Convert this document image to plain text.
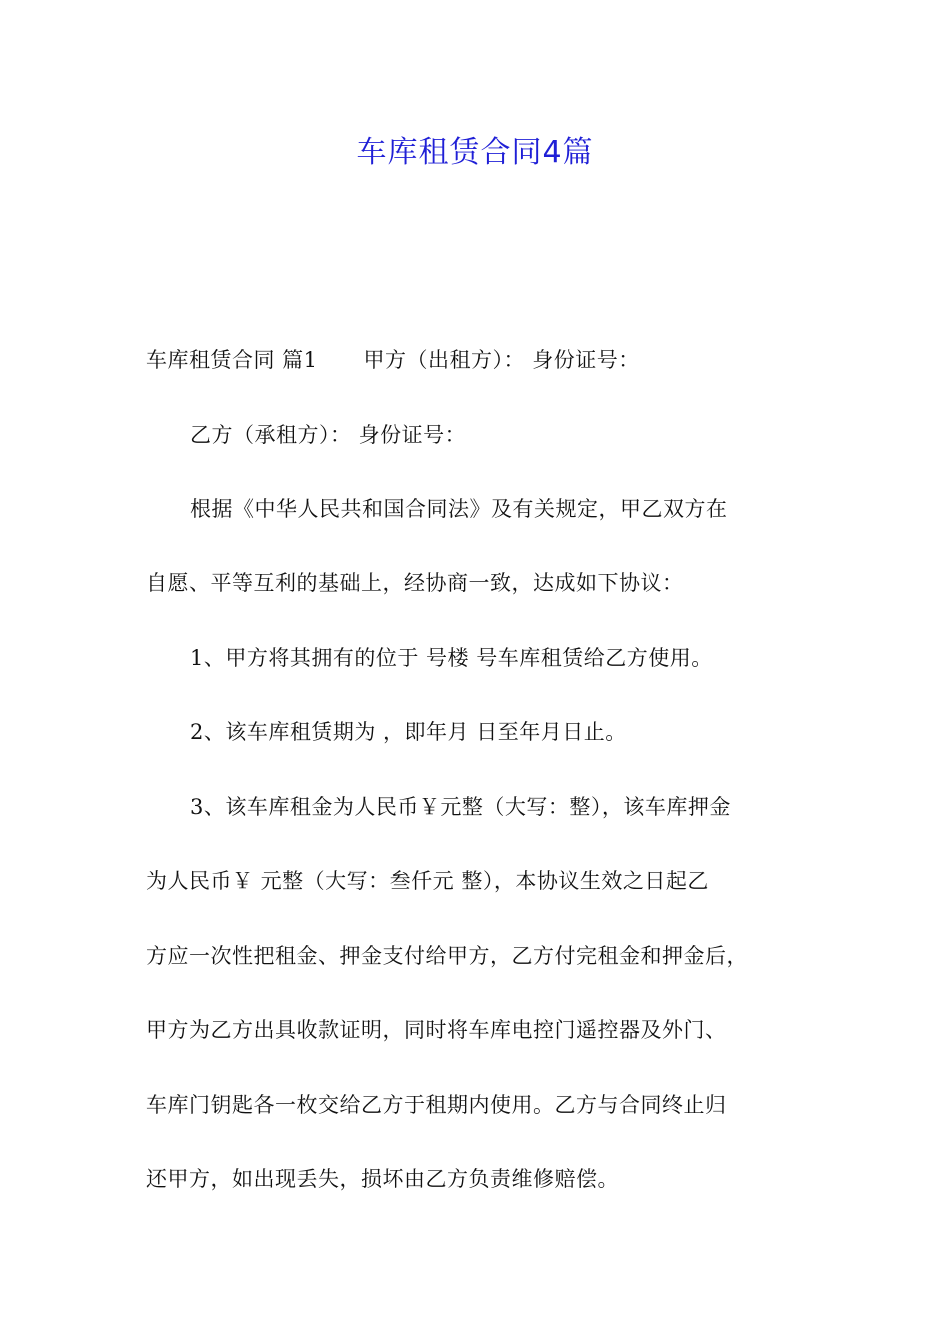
车库租赁合同4篇
车库租赁合同 篇1 甲方（出租方）： 身份证号：
乙方（承租方）： 身份证号：
根据《中华人民共和国合同法》及有关规定，甲乙双方在
自愿、平等互利的基础上，经协商一致，达成如下协议：
1、甲方将其拥有的位于 号楼 号车库租赁给乙方使用。
2、该车库租赁期为 ，即年月 日至年月日止。
3、该车库租金为人民币￥元整（大写：整），该车库押金
为人民币￥ 元整（大写：叁仟元 整），本协议生效之日起乙
方应一次性把租金、押金支付给甲方，乙方付完租金和押金后，
甲方为乙方出具收款证明，同时将车库电控门遥控器及外门、
车库门钥匙各一枚交给乙方于租期内使用。乙方与合同终止归
还甲方，如出现丢失，损坏由乙方负责维修赔偿。
